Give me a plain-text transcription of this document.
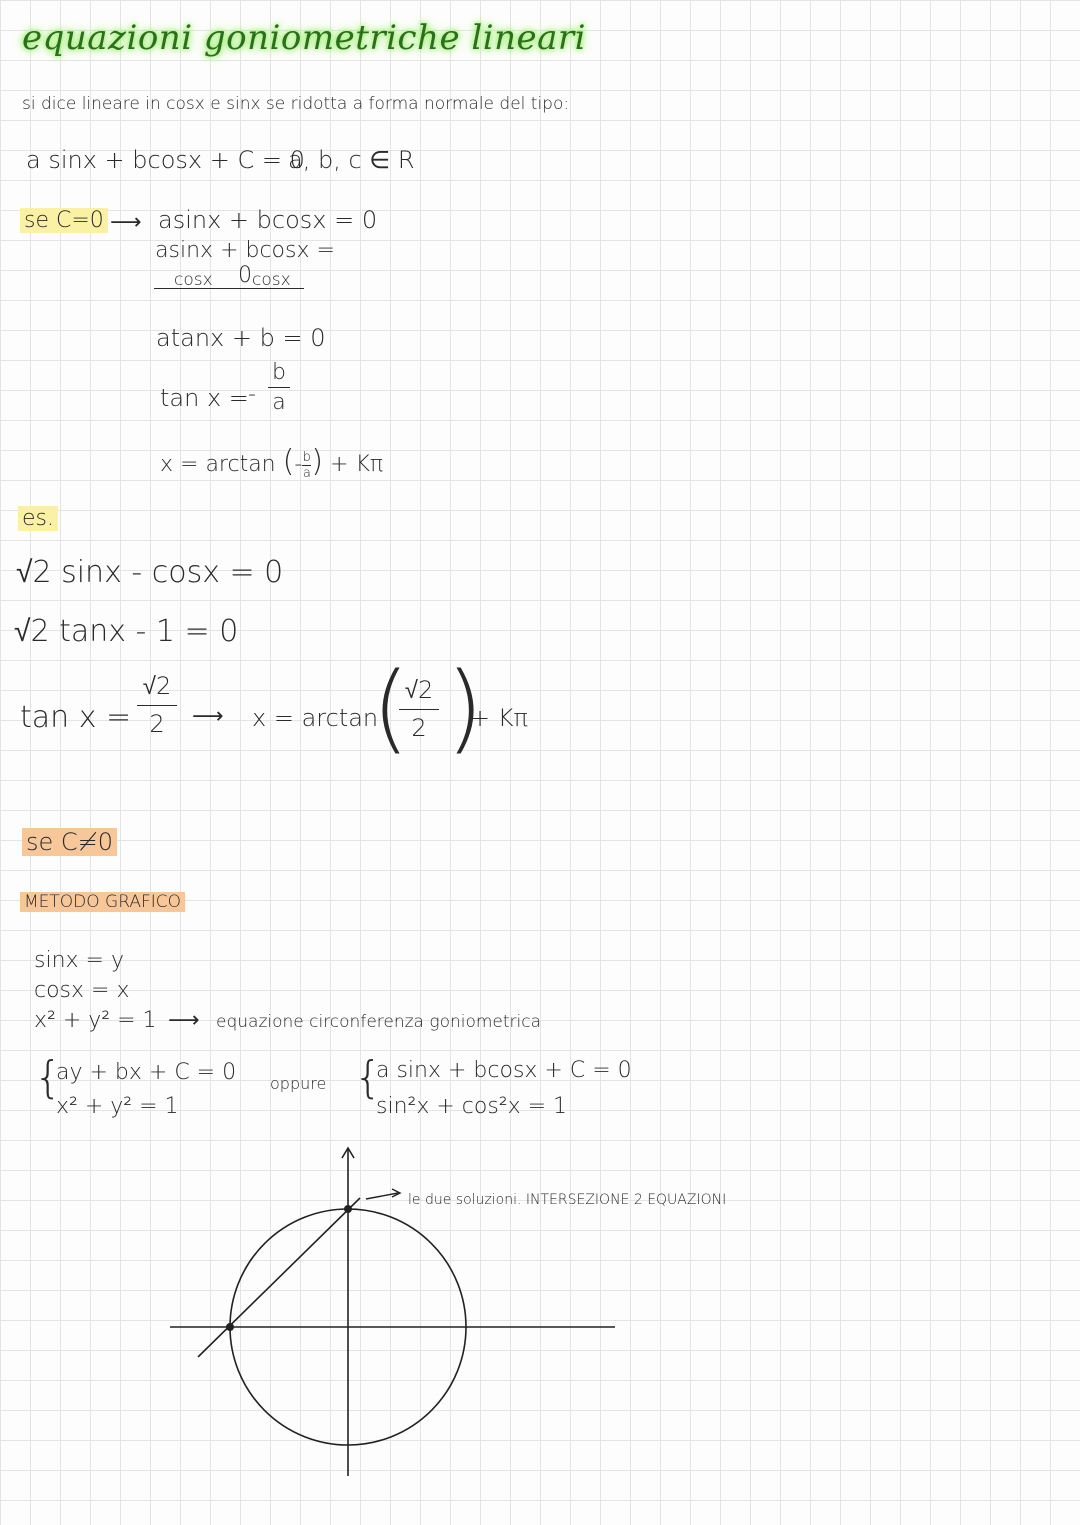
equazioni goniometriche lineari
si dice lineare in cosx e sinx se ridotta a forma normale del tipo:
a sinx + bcosx + C = 0
a, b, c ∈ R
se C=0 ⟶ asinx + bcosx = 0
asinx + bcosx = 0
cosx cosx
atanx + b = 0
tan x = -
b
a
x = arctan (- $\frac{b}{a}$ ) + Kπ
es.
√2 sinx - cosx = 0
√2 tanx - 1 = 0
tan x =
√2
2	⟶ x = arctan
(
√2
2 )
+ Kπ
se C≠0
METODO GRAFICO
sinx = y
cosx = x
x² + y² = 1 ⟶ equazione circonferenza goniometrica
{
ay + bx + C = 0
x² + y² = 1
oppure {
a sinx + bcosx + C = 0
sin²x + cos²x = 1
le due soluzioni. INTERSEZIONE 2 EQUAZIONI
